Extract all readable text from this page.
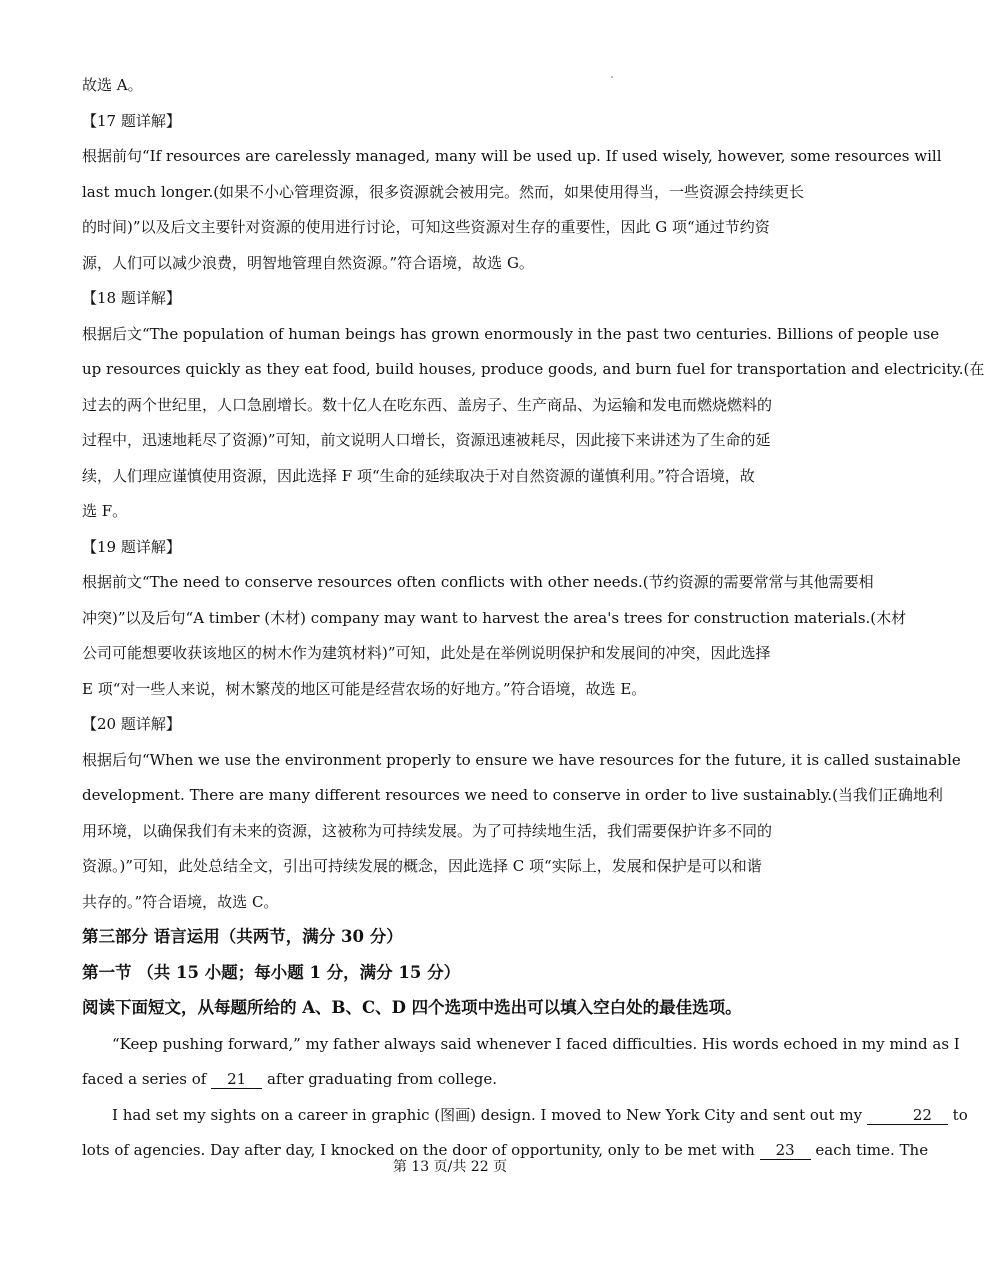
故选 A。
【17 题详解】
根据前句“If resources are carelessly managed, many will be used up. If used wisely, however, some resources will
last much longer.(如果不小心管理资源，很多资源就会被用完。然而，如果使用得当，一些资源会持续更长
的时间)”以及后文主要针对资源的使用进行讨论，可知这些资源对生存的重要性，因此 G 项“通过节约资
源，人们可以减少浪费，明智地管理自然资源。”符合语境，故选 G。
【18 题详解】
根据后文“The population of human beings has grown enormously in the past two centuries. Billions of people use
up resources quickly as they eat food, build houses, produce goods, and burn fuel for transportation and electricity.(在
过去的两个世纪里，人口急剧增长。数十亿人在吃东西、盖房子、生产商品、为运输和发电而燃烧燃料的
过程中，迅速地耗尽了资源)”可知，前文说明人口增长，资源迅速被耗尽，因此接下来讲述为了生命的延
续，人们理应谨慎使用资源，因此选择 F 项“生命的延续取决于对自然资源的谨慎利用。”符合语境，故
选 F。
【19 题详解】
根据前文“The need to conserve resources often conflicts with other needs.(节约资源的需要常常与其他需要相
冲突)”以及后句“A timber (木材) company may want to harvest the area's trees for construction materials.(木材
公司可能想要收获该地区的树木作为建筑材料)”可知，此处是在举例说明保护和发展间的冲突，因此选择
E 项“对一些人来说，树木繁茂的地区可能是经营农场的好地方。”符合语境，故选 E。
【20 题详解】
根据后句“When we use the environment properly to ensure we have resources for the future, it is called sustainable
development. There are many different resources we need to conserve in order to live sustainably.(当我们正确地利
用环境，以确保我们有未来的资源，这被称为可持续发展。为了可持续地生活，我们需要保护许多不同的
资源。)”可知，此处总结全文，引出可持续发展的概念，因此选择 C 项“实际上，发展和保护是可以和谐
共存的。”符合语境，故选 C。
第三部分 语言运用（共两节，满分 30 分）
第一节 （共 15 小题；每小题 1 分，满分 15 分）
阅读下面短文，从每题所给的 A、B、C、D 四个选项中选出可以填入空白处的最佳选项。
“Keep pushing forward,” my father always said whenever I faced difficulties. His words echoed in my mind as I
faced a series of 21 after graduating from college.
I had set my sights on a career in graphic (图画) design. I moved to New York City and sent out my	22 to
lots of agencies. Day after day, I knocked on the door of opportunity, only to be met with 23 each time. The
第 13 页/共 22 页
